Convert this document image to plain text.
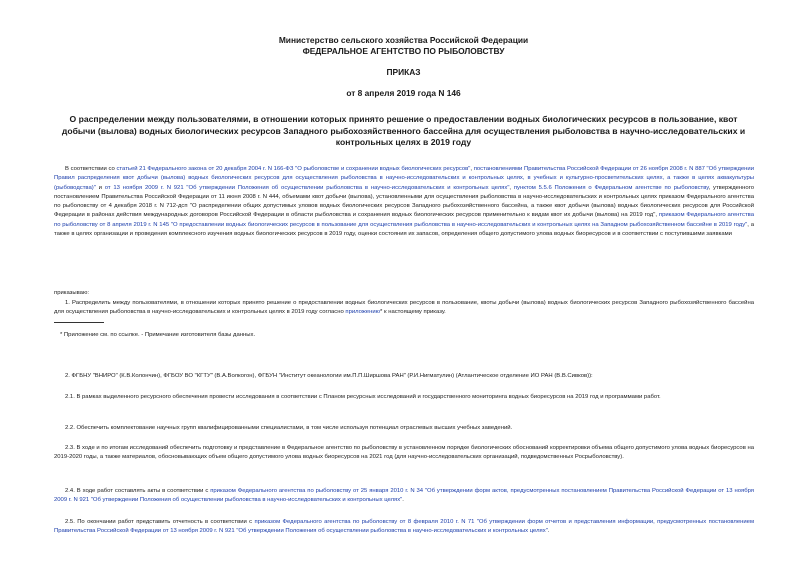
Министерство сельского хозяйства Российской Федерации
ФЕДЕРАЛЬНОЕ АГЕНТСТВО ПО РЫБОЛОВСТВУ
ПРИКАЗ
от 8 апреля 2019 года N 146
О распределении между пользователями, в отношении которых принято решение о предоставлении водных биологических ресурсов в пользование, квот добычи (вылова) водных биологических ресурсов Западного рыбохозяйственного бассейна для осуществления рыболовства в научно-исследовательских и контрольных целях в 2019 году

В соответствии со статьей 21 Федерального закона от 20 декабря 2004 г. N 166-ФЗ "О рыболовстве и сохранении водных биологических ресурсов", постановлениями Правительства Российской Федерации от 26 ноября 2008 г. N 887 "Об утверждении Правил распределения квот добычи (вылова) водных биологических ресурсов для осуществления рыболовства в научно-исследовательских и контрольных целях, в учебных и культурно-просветительских целях, а также в целях аквакультуры (рыбоводства)" и от 13 ноября 2009 г. N 921 "Об утверждении Положения об осуществлении рыболовства в научно-исследовательских и контрольных целях", пунктом 5.5.6 Положения о Федеральном агентстве по рыболовству, утвержденного постановлением Правительства Российской Федерации от 11 июня 2008 г. N 444, объемами квот добычи (вылова), установленными для осуществления рыболовства в научно-исследовательских и контрольных целях приказом Федерального агентства по рыболовству от 4 декабря 2018 г. N 712-дсп "О распределении общих допустимых уловов водных биологических ресурсов Западного рыбохозяйственного бассейна, а также квот добычи (вылова) водных биологических ресурсов для Российской Федерации в районах действия международных договоров Российской Федерации в области рыболовства и сохранения водных биологических ресурсов применительно к видам квот их добычи (вылова) на 2019 год", приказом Федерального агентства по рыболовству от 8 апреля 2019 г. N 145 "О предоставлении водных биологических ресурсов в пользование для осуществления рыболовства в научно-исследовательских и контрольных целях на Западном рыбохозяйственном бассейне в 2019 году", а также в целях организации и проведения комплексного изучения водных биологических ресурсов в 2019 году, оценки состояния их запасов, определения общего допустимого улова водных биоресурсов и в соответствии с поступившими заявками

приказываю:

1. Распределить между пользователями, в отношении которых принято решение о предоставлении водных биологических ресурсов в пользование, квоты добычи (вылова) водных биологических ресурсов Западного рыбохозяйственного бассейна для осуществления рыболовства в научно-исследовательских и контрольных целях в 2019 году согласно приложению* к настоящему приказу.

* Приложение см. по ссылке. - Примечание изготовителя базы данных.

2. ФГБНУ "ВНИРО" (К.В.Колончин), ФГБОУ ВО "КГТУ" (В.А.Волкогон), ФГБУН "Институт океанологии им.П.П.Ширшова РАН" (Р.И.Нигматулин) (Атлантическое отделение ИО РАН (В.В.Сивков)):

2.1. В рамках выделенного ресурсного обеспечения провести исследования в соответствии с Планом ресурсных исследований и государственного мониторинга водных биоресурсов на 2019 год и программами работ.

2.2. Обеспечить комплектование научных групп квалифицированными специалистами, в том числе используя потенциал отраслевых высших учебных заведений.

2.3. В ходе и по итогам исследований обеспечить подготовку и представление в Федеральное агентство по рыболовству в установленном порядке биологических обоснований корректировки объема общего допустимого улова водных биоресурсов на 2019-2020 годы, а также материалов, обосновывающих объем общего допустимого улова водных биоресурсов на 2021 год (для научно-исследовательских организаций, подведомственных Росрыболовству).

2.4. В ходе работ составлять акты в соответствии с приказом Федерального агентства по рыболовству от 25 января 2010 г. N 34 "Об утверждении форм актов, предусмотренных постановлением Правительства Российской Федерации от 13 ноября 2009 г. N 921 "Об утверждении Положения об осуществлении рыболовства в научно-исследовательских и контрольных целях".

2.5. По окончании работ представить отчетность в соответствии с приказом Федерального агентства по рыболовству от 8 февраля 2010 г. N 71 "Об утверждении форм отчетов и представления информации, предусмотренных постановлением Правительства Российской Федерации от 13 ноября 2009 г. N 921 "Об утверждении Положения об осуществлении рыболовства в научно-исследовательских и контрольных целях".
